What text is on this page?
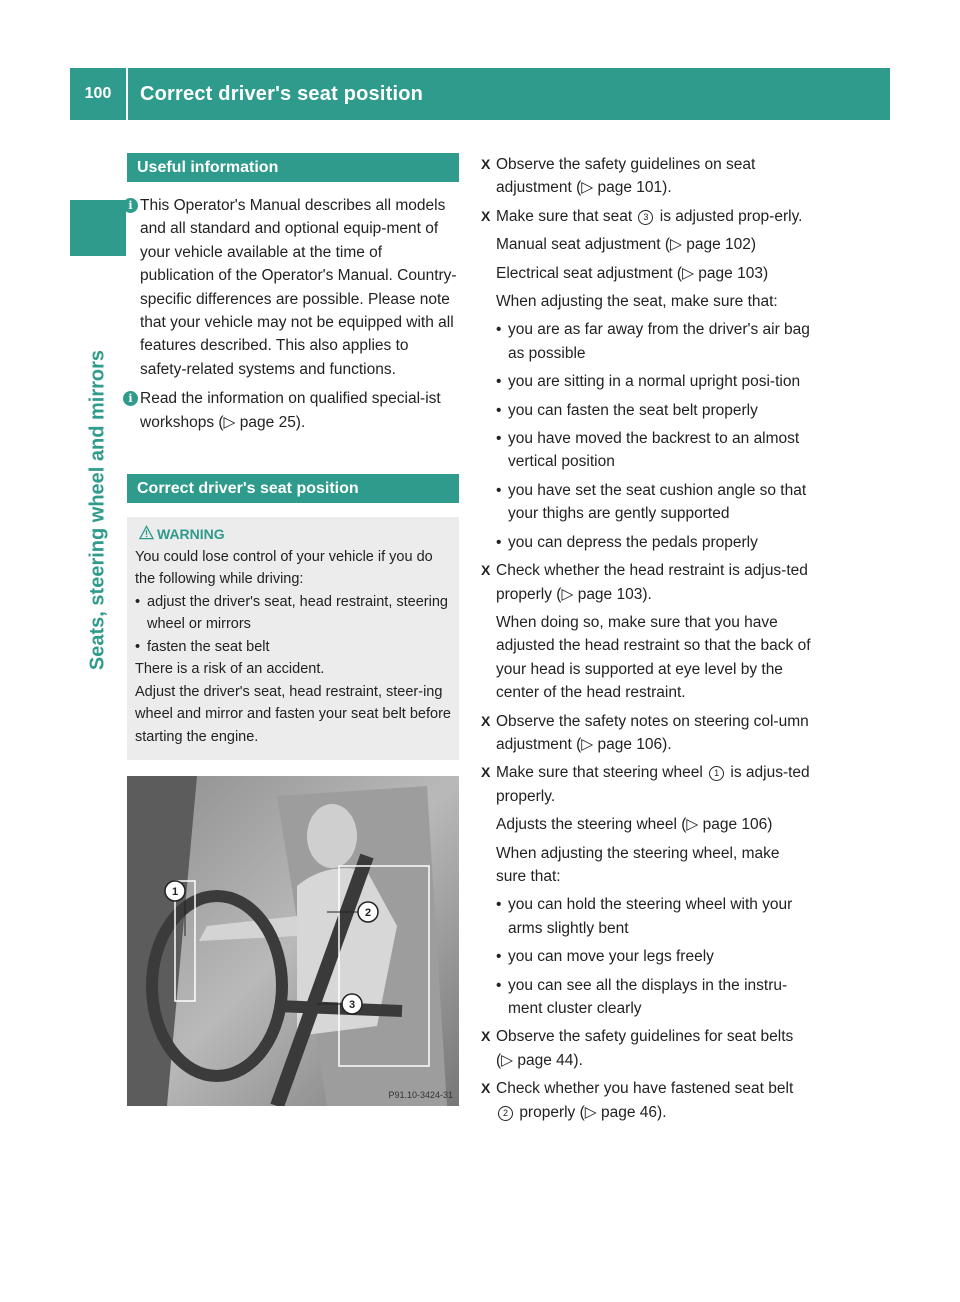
100	Correct driver's seat position
Seats, steering wheel and mirrors
Useful information

i This Operator's Manual describes all models and all standard and optional equip-ment of your vehicle available at the time of publication of the Operator's Manual. Country-specific differences are possible. Please note that your vehicle may not be equipped with all features described. This also applies to safety-related systems and functions.

i Read the information on qualified special-ist workshops (▷ page 25).

Correct driver's seat position
WARNING

You could lose control of your vehicle if you do the following while driving:

• adjust the driver's seat, head restraint, steering wheel or mirrors

• fasten the seat belt

There is a risk of an accident.

Adjust the driver's seat, head restraint, steer-ing wheel and mirror and fasten your seat belt before starting the engine.

1
2
3
P91.10-3424-31
X Observe the safety guidelines on seat adjustment (▷ page 101).
X Make sure that seat 3 is adjusted prop-erly.
Manual seat adjustment (▷ page 102)
Electrical seat adjustment (▷ page 103)
When adjusting the seat, make sure that:
• you are as far away from the driver's air bag as possible
• you are sitting in a normal upright posi-tion
• you can fasten the seat belt properly
• you have moved the backrest to an almost vertical position
• you have set the seat cushion angle so that your thighs are gently supported
• you can depress the pedals properly
X Check whether the head restraint is adjus-ted properly (▷ page 103).
When doing so, make sure that you have adjusted the head restraint so that the back of your head is supported at eye level by the center of the head restraint.
X Observe the safety notes on steering col-umn adjustment (▷ page 106).
X Make sure that steering wheel 1 is adjus-ted properly.
Adjusts the steering wheel (▷ page 106)
When adjusting the steering wheel, make sure that:
• you can hold the steering wheel with your arms slightly bent
• you can move your legs freely
• you can see all the displays in the instru-ment cluster clearly
X Observe the safety guidelines for seat belts (▷ page 44).
X Check whether you have fastened seat belt 2 properly (▷ page 46).
